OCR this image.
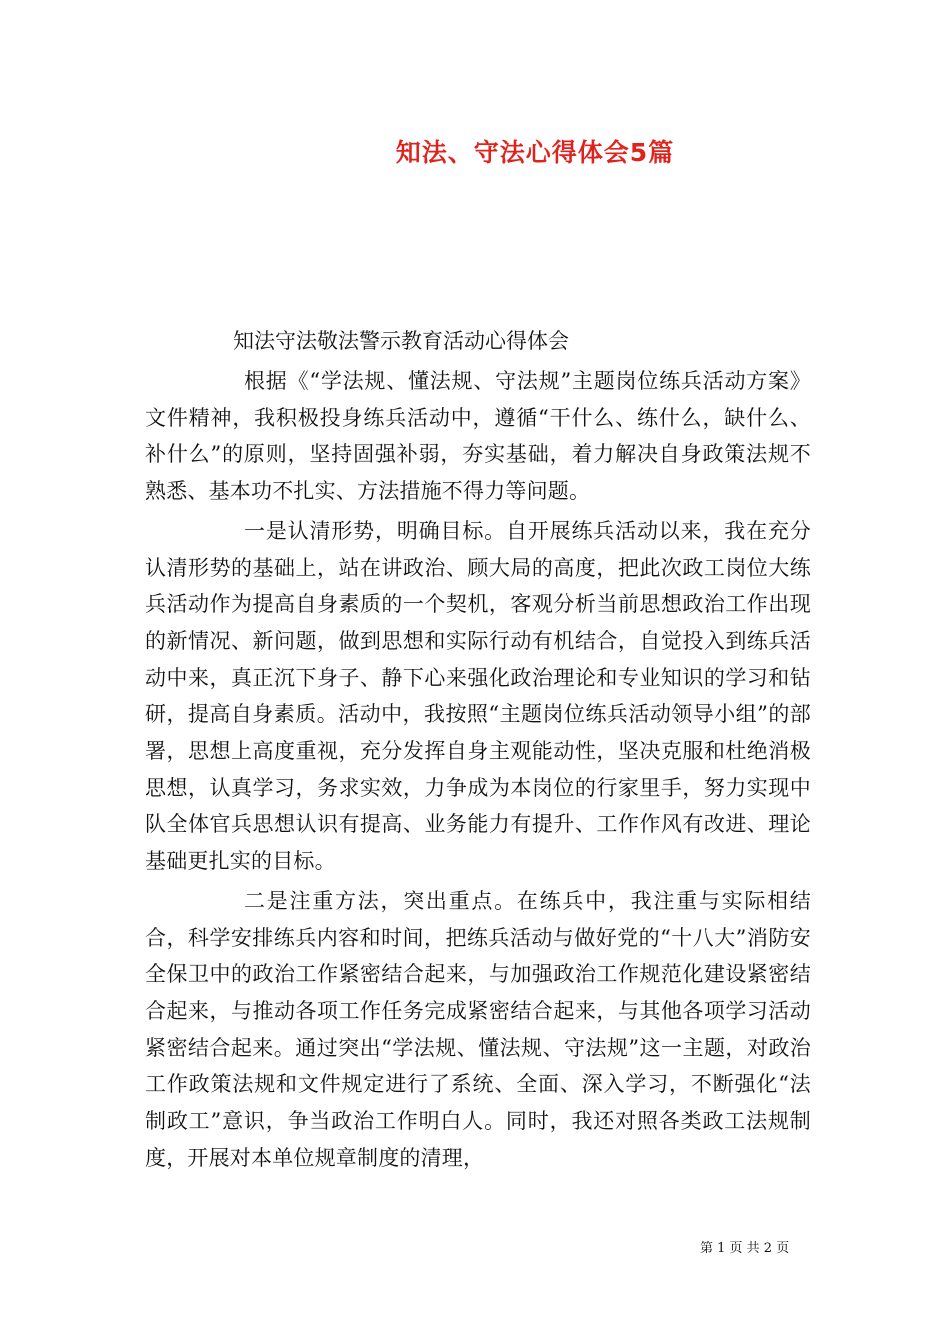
知法、守法心得体会5篇
知法守法敬法警示教育活动心得体会

根据《“学法规、懂法规、守法规”主题岗位练兵活动方案》文件精神，我积极投身练兵活动中，遵循“干什么、练什么，缺什么、补什么”的原则，坚持固强补弱，夯实基础，着力解决自身政策法规不熟悉、基本功不扎实、方法措施不得力等问题。

一是认清形势，明确目标。自开展练兵活动以来，我在充分认清形势的基础上，站在讲政治、顾大局的高度，把此次政工岗位大练兵活动作为提高自身素质的一个契机，客观分析当前思想政治工作出现的新情况、新问题，做到思想和实际行动有机结合，自觉投入到练兵活动中来，真正沉下身子、静下心来强化政治理论和专业知识的学习和钻研，提高自身素质。活动中，我按照“主题岗位练兵活动领导小组”的部署，思想上高度重视，充分发挥自身主观能动性，坚决克服和杜绝消极思想，认真学习，务求实效，力争成为本岗位的行家里手，努力实现中队全体官兵思想认识有提高、业务能力有提升、工作作风有改进、理论基础更扎实的目标。

二是注重方法，突出重点。在练兵中，我注重与实际相结合，科学安排练兵内容和时间，把练兵活动与做好党的“十八大”消防安全保卫中的政治工作紧密结合起来，与加强政治工作规范化建设紧密结合起来，与推动各项工作任务完成紧密结合起来，与其他各项学习活动紧密结合起来。通过突出“学法规、懂法规、守法规”这一主题，对政治工作政策法规和文件规定进行了系统、全面、深入学习，不断强化“法制政工”意识，争当政治工作明白人。同时，我还对照各类政工法规制度，开展对本单位规章制度的清理，

第 1 页 共 2 页
